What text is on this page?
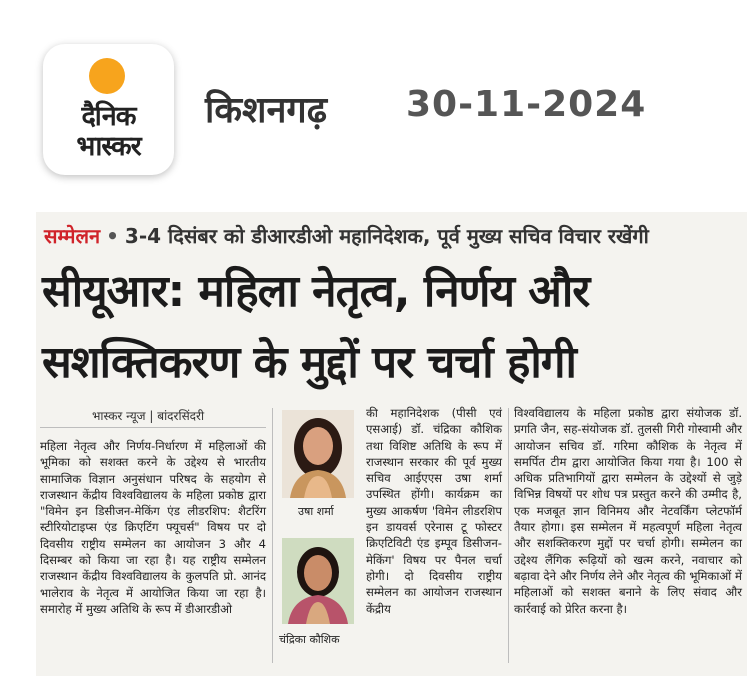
दैनिक
भास्कर
किशनगढ़ 30-11-2024
सम्मेलन • 3-4 दिसंबर को डीआरडीओ महानिदेशक, पूर्व मुख्य सचिव विचार रखेंगी
सीयूआर: महिला नेतृत्व, निर्णय और
सशक्तिकरण के मुद्दों पर चर्चा होगी
भास्कर न्यूज | बांदरसिंदरी
महिला नेतृत्व और निर्णय-निर्धारण में महिलाओं की भूमिका को सशक्त करने के उद्देश्य से भारतीय सामाजिक विज्ञान अनुसंधान परिषद के सहयोग से राजस्थान केंद्रीय विश्वविद्यालय के महिला प्रकोष्ठ द्वारा "विमेन इन डिसीजन-मेकिंग एंड लीडरशिप: शैटरिंग स्टीरियोटाइप्स एंड क्रिएटिंग फ्यूचर्स" विषय पर दो दिवसीय राष्ट्रीय सम्मेलन का आयोजन 3 और 4 दिसम्बर को किया जा रहा है। यह राष्ट्रीय सम्मेलन राजस्थान केंद्रीय विश्वविद्यालय के कुलपति प्रो. आनंद भालेराव के नेतृत्व में आयोजित किया जा रहा है। समारोह में मुख्य अतिथि के रूप में डीआरडीओ
उषा शर्मा
चंद्रिका कौशिक
की महानिदेशक (पीसी एवं एसआई) डॉ. चंद्रिका कौशिक तथा विशिष्ट अतिथि के रूप में राजस्थान सरकार की पूर्व मुख्य सचिव आईएएस उषा शर्मा उपस्थित होंगी। कार्यक्रम का मुख्य आकर्षण 'विमेन लीडरशिप इन डायवर्स एरेनास टू फोस्टर क्रिएटिविटी एंड इम्पूव डिसीजन-मेकिंग' विषय पर पैनल चर्चा होगी। दो दिवसीय राष्ट्रीय सम्मेलन का आयोजन राजस्थान केंद्रीय
विश्वविद्यालय के महिला प्रकोष्ठ द्वारा संयोजक डॉ. प्रगति जैन, सह-संयोजक डॉ. तुलसी गिरी गोस्वामी और आयोजन सचिव डॉ. गरिमा कौशिक के नेतृत्व में समर्पित टीम द्वारा आयोजित किया गया है। 100 से अधिक प्रतिभागियों द्वारा सम्मेलन के उद्देश्यों से जुड़े विभिन्न विषयों पर शोध पत्र प्रस्तुत करने की उम्मीद है, एक मजबूत ज्ञान विनिमय और नेटवर्किंग प्लेटफॉर्म तैयार होगा। इस सम्मेलन में महत्वपूर्ण महिला नेतृत्व और सशक्तिकरण मुद्दों पर चर्चा होगी। सम्मेलन का उद्देश्य लैंगिक रूढ़ियों को खत्म करने, नवाचार को बढ़ावा देने और निर्णय लेने और नेतृत्व की भूमिकाओं में महिलाओं को सशक्त बनाने के लिए संवाद और कार्रवाई को प्रेरित करना है।
